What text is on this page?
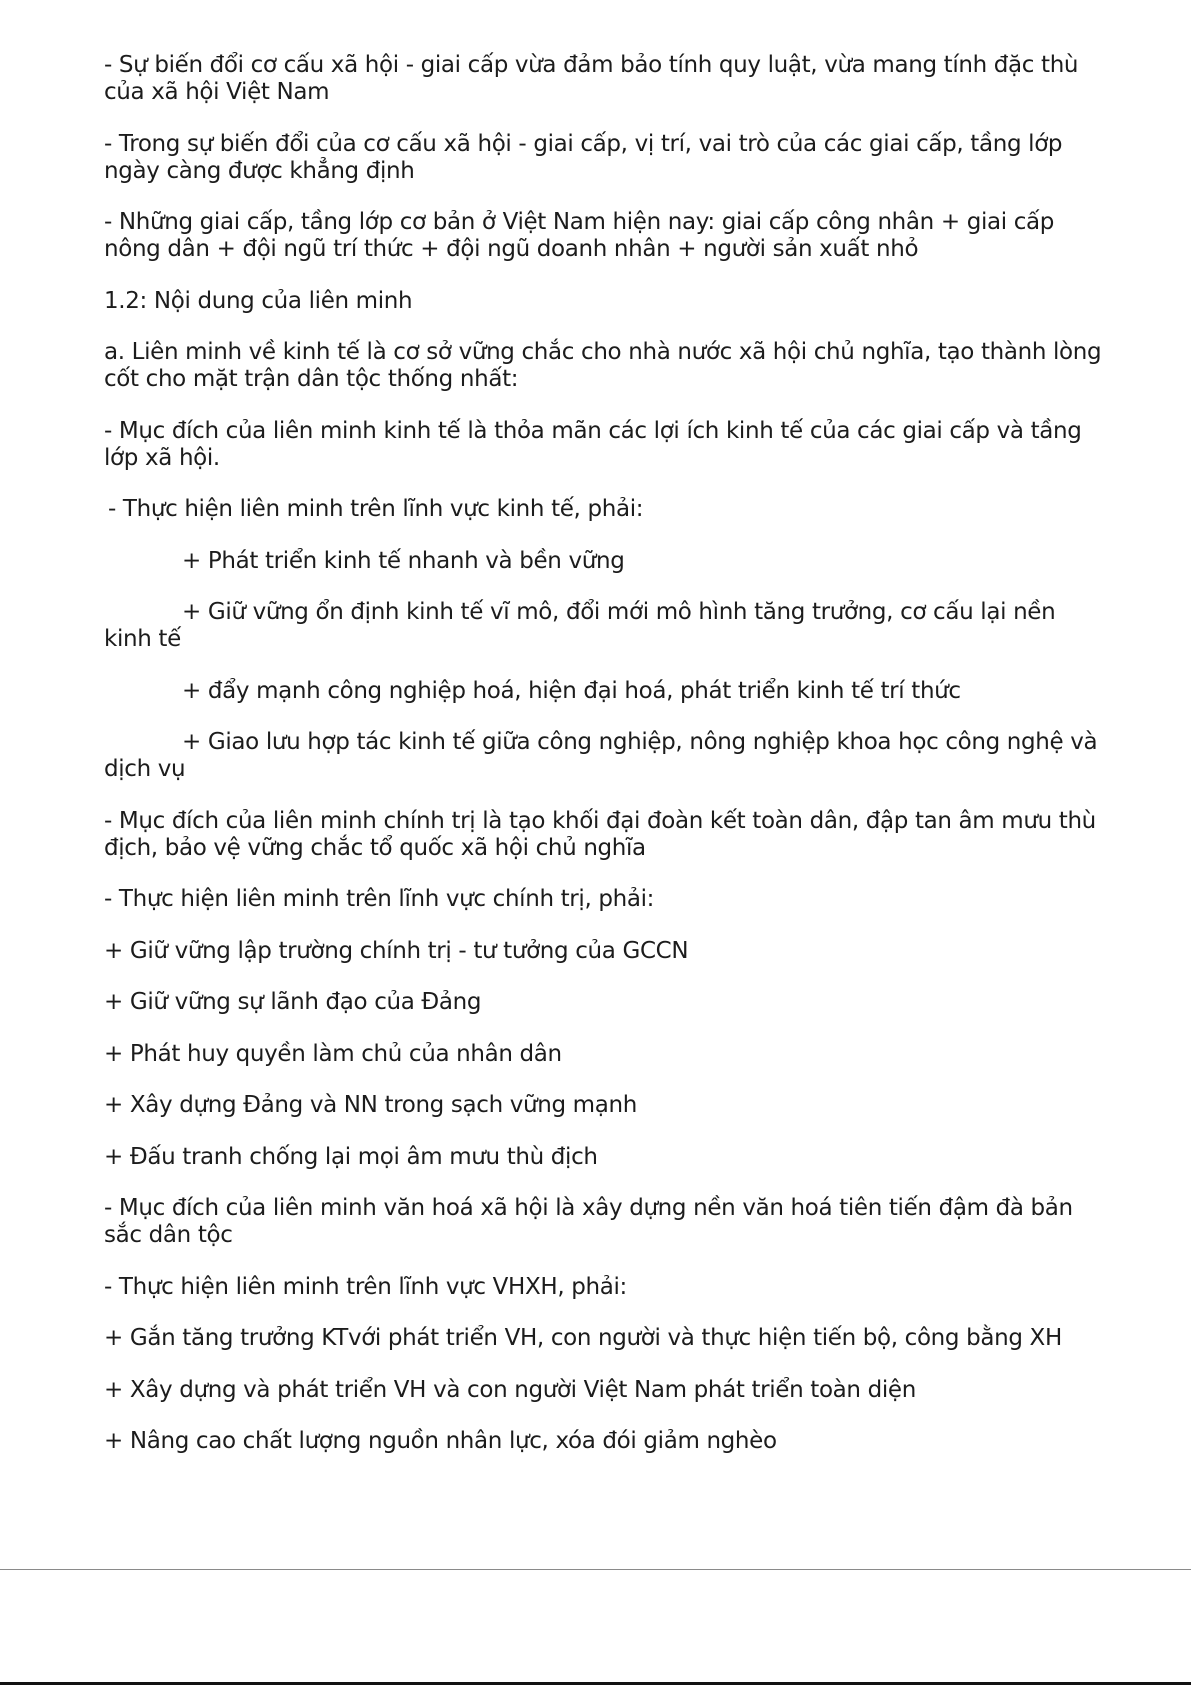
- Sự biến đổi cơ cấu xã hội - giai cấp vừa đảm bảo tính quy luật, vừa mang tính đặc thù của xã hội Việt Nam

- Trong sự biến đổi của cơ cấu xã hội - giai cấp, vị trí, vai trò của các giai cấp, tầng lớp ngày càng được khẳng định

- Những giai cấp, tầng lớp cơ bản ở Việt Nam hiện nay: giai cấp công nhân + giai cấp nông dân + đội ngũ trí thức + đội ngũ doanh nhân + người sản xuất nhỏ

1.2: Nội dung của liên minh

a. Liên minh về kinh tế là cơ sở vững chắc cho nhà nước xã hội chủ nghĩa, tạo thành lòng cốt cho mặt trận dân tộc thống nhất:

- Mục đích của liên minh kinh tế là thỏa mãn các lợi ích kinh tế của các giai cấp và tầng lớp xã hội.

- Thực hiện liên minh trên lĩnh vực kinh tế, phải:

+ Phát triển kinh tế nhanh và bền vững

+ Giữ vững ổn định kinh tế vĩ mô, đổi mới mô hình tăng trưởng, cơ cấu lại nền kinh tế

+ đẩy mạnh công nghiệp hoá, hiện đại hoá, phát triển kinh tế trí thức

+ Giao lưu hợp tác kinh tế giữa công nghiệp, nông nghiệp khoa học công nghệ và dịch vụ

- Mục đích của liên minh chính trị là tạo khối đại đoàn kết toàn dân, đập tan âm mưu thù địch, bảo vệ vững chắc tổ quốc xã hội chủ nghĩa

- Thực hiện liên minh trên lĩnh vực chính trị, phải:

+ Giữ vững lập trường chính trị - tư tưởng của GCCN

+ Giữ vững sự lãnh đạo của Đảng

+ Phát huy quyền làm chủ của nhân dân

+ Xây dựng Đảng và NN trong sạch vững mạnh

+ Đấu tranh chống lại mọi âm mưu thù địch

- Mục đích của liên minh văn hoá xã hội là xây dựng nền văn hoá tiên tiến đậm đà bản sắc dân tộc

- Thực hiện liên minh trên lĩnh vực VHXH, phải:

+ Gắn tăng trưởng KTvới phát triển VH, con người và thực hiện tiến bộ, công bằng XH

+ Xây dựng và phát triển VH và con người Việt Nam phát triển toàn diện

+ Nâng cao chất lượng nguồn nhân lực, xóa đói giảm nghèo
